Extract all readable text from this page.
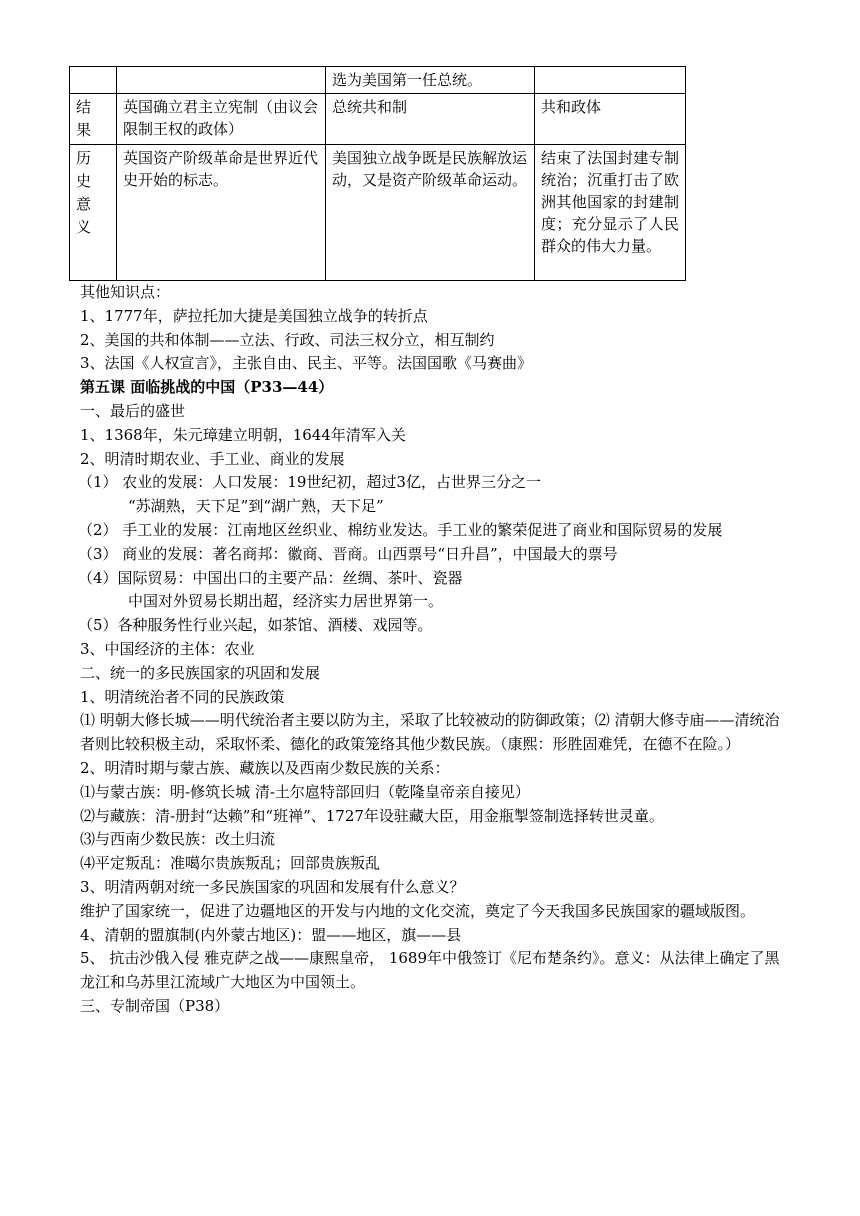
		选为美国第一任总统。	

结果	英国确立君主立宪制（由议会限制王权的政体）	总统共和制	共和政体

历史意义	英国资产阶级革命是世界近代史开始的标志。	美国独立战争既是民族解放运动，又是资产阶级革命运动。	结束了法国封建专制统治；沉重打击了欧洲其他国家的封建制度；充分显示了人民群众的伟大力量。
其他知识点：
1、1777年，萨拉托加大捷是美国独立战争的转折点
2、美国的共和体制——立法、行政、司法三权分立，相互制约
3、法国《人权宣言》，主张自由、民主、平等。法国国歌《马赛曲》
第五课 面临挑战的中国（P33—44）
一、最后的盛世
1、1368年，朱元璋建立明朝，1644年清军入关
2、明清时期农业、手工业、商业的发展
（1） 农业的发展：人口发展：19世纪初，超过3亿，占世界三分之一
“苏湖熟，天下足”到“湖广熟，天下足”
（2） 手工业的发展：江南地区丝织业、棉纺业发达。手工业的繁荣促进了商业和国际贸易的发展
（3） 商业的发展：著名商邦：徽商、晋商。山西票号“日升昌”，中国最大的票号
（4）国际贸易：中国出口的主要产品：丝绸、茶叶、瓷器
中国对外贸易长期出超，经济实力居世界第一。
（5）各种服务性行业兴起，如茶馆、酒楼、戏园等。
3、中国经济的主体：农业
二、统一的多民族国家的巩固和发展
1、明清统治者不同的民族政策
⑴ 明朝大修长城——明代统治者主要以防为主，采取了比较被动的防御政策；⑵ 清朝大修寺庙——清统治者则比较积极主动，采取怀柔、德化的政策笼络其他少数民族。（康熙：形胜固难凭，在德不在险。）
2、明清时期与蒙古族、藏族以及西南少数民族的关系：
⑴与蒙古族：明-修筑长城 清-土尔扈特部回归（乾隆皇帝亲自接见）
⑵与藏族：清-册封“达赖”和“班禅”、1727年设驻藏大臣，用金瓶掣签制选择转世灵童。
⑶与西南少数民族：改土归流
⑷平定叛乱：准噶尔贵族叛乱；回部贵族叛乱
3、明清两朝对统一多民族国家的巩固和发展有什么意义？
维护了国家统一，促进了边疆地区的开发与内地的文化交流，奠定了今天我国多民族国家的疆域版图。
4、清朝的盟旗制(内外蒙古地区)：盟——地区，旗——县
5、 抗击沙俄入侵 雅克萨之战——康熙皇帝， 1689年中俄签订《尼布楚条约》。意义：从法律上确定了黑龙江和乌苏里江流域广大地区为中国领土。
三、专制帝国（P38）
